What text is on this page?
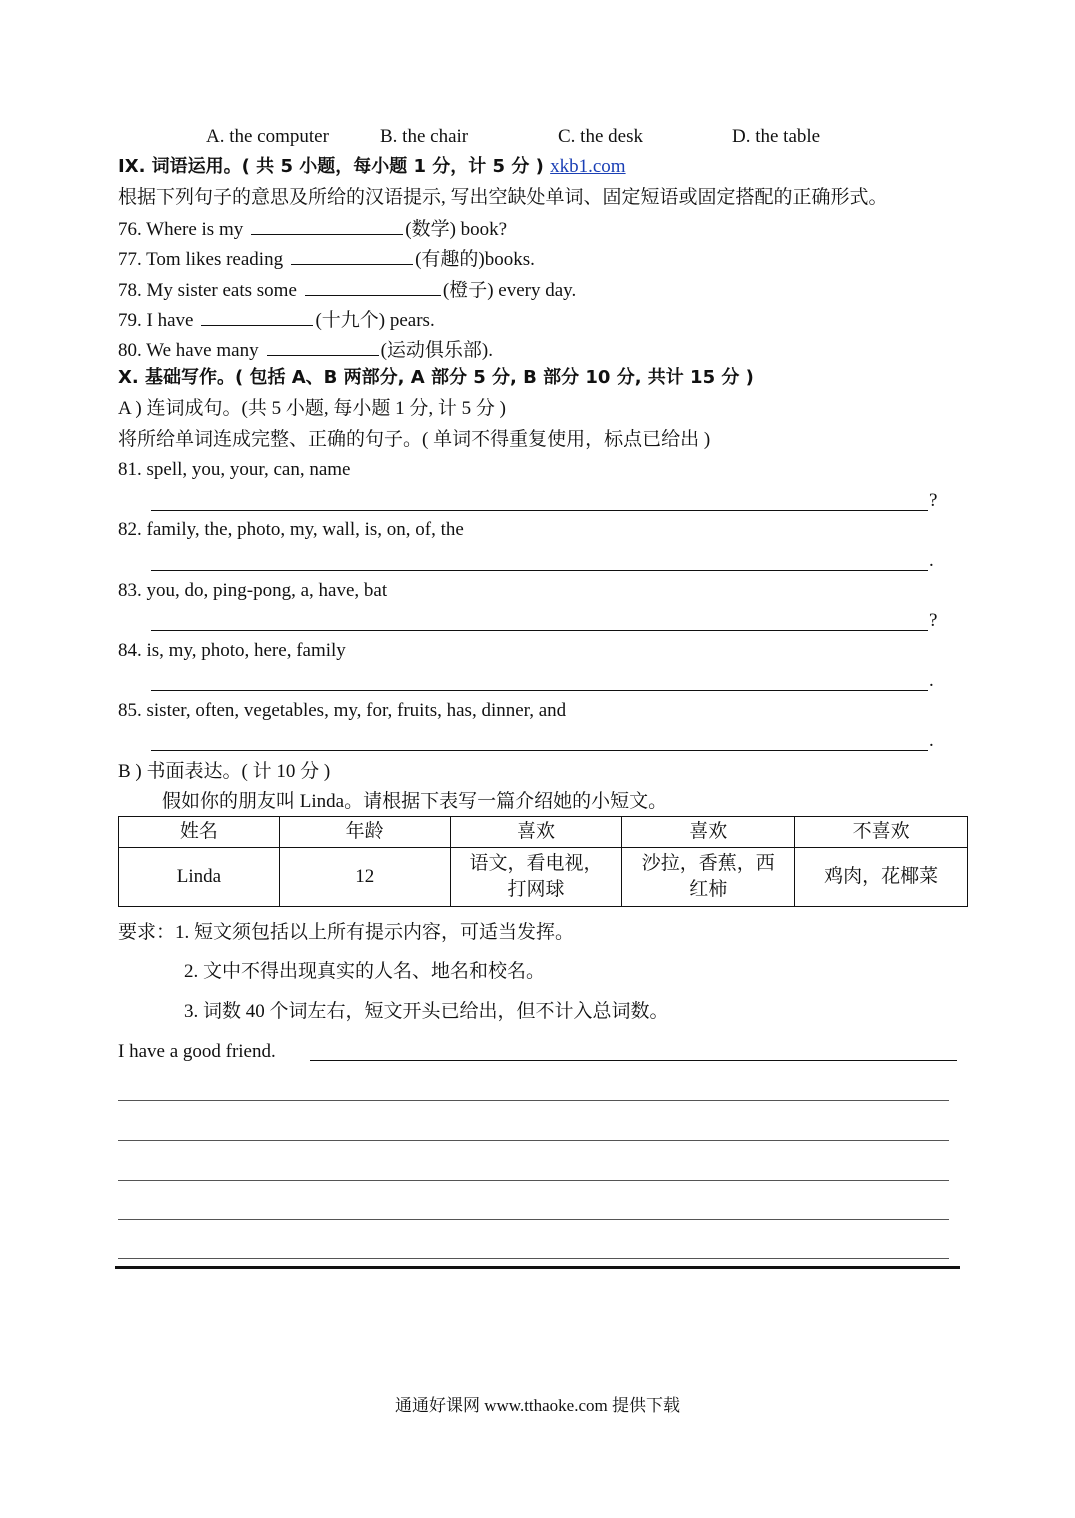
A. the computer	B. the chair	C. the desk	D. the table
IX. 词语运用。( 共 5 小题，每小题 1 分，计 5 分 ) xkb1.com
根据下列句子的意思及所给的汉语提示, 写出空缺处单词、固定短语或固定搭配的正确形式。
76. Where is my	(数学) book?
77. Tom likes reading	(有趣的)books.
78. My sister eats some	(橙子) every day.
79. I have	(十九个) pears.
80. We have many	(运动俱乐部).
X. 基础写作。( 包括 A、B 两部分, A 部分 5 分, B 部分 10 分, 共计 15 分 )
A ) 连词成句。(共 5 小题, 每小题 1 分, 计 5 分 )
将所给单词连成完整、正确的句子。( 单词不得重复使用，标点已给出 )
81. spell, you, your, can, name
?
82. family, the, photo, my, wall, is, on, of, the
.
83. you, do, ping-pong, a, have, bat
?
84. is, my, photo, here, family
.
85. sister, often, vegetables, my, for, fruits, has, dinner, and
.
B ) 书面表达。( 计 10 分 )
假如你的朋友叫 Linda。请根据下表写一篇介绍她的小短文。
姓名	年龄	喜欢	喜欢	不喜欢
Linda	12	语文，看电视，打网球	沙拉，香蕉，西红柿	鸡肉，花椰菜
要求：1. 短文须包括以上所有提示内容，可适当发挥。
2. 文中不得出现真实的人名、地名和校名。
3. 词数 40 个词左右，短文开头已给出，但不计入总词数。
I have a good friend.
通通好课网 www.tthaoke.com 提供下载
